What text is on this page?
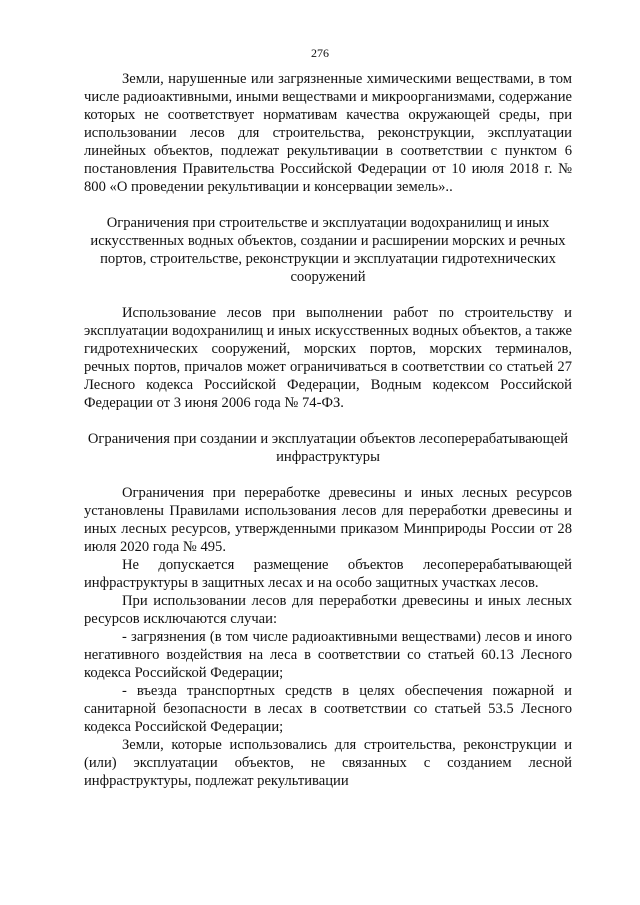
276

Земли, нарушенные или загрязненные химическими веществами, в том числе радиоактивными, иными веществами и микроорганизмами, содержание которых не соответствует нормативам качества окружающей среды, при использовании лесов для строительства, реконструкции, эксплуатации линейных объектов, подлежат рекультивации в соответствии с пунктом 6 постановления Правительства Российской Федерации от 10 июля 2018 г. № 800 «О проведении рекультивации и консервации земель»..

Ограничения при строительстве и эксплуатации водохранилищ и иных искусственных водных объектов, создании и расширении морских и речных портов, строительстве, реконструкции и эксплуатации гидротехнических сооружений

Использование лесов при выполнении работ по строительству и эксплуатации водохранилищ и иных искусственных водных объектов, а также гидротехнических сооружений, морских портов, морских терминалов, речных портов, причалов может ограничиваться в соответствии со статьей 27 Лесного кодекса Российской Федерации, Водным кодексом Российской Федерации от 3 июня 2006 года № 74-ФЗ.

Ограничения при создании и эксплуатации объектов лесоперерабатывающей инфраструктуры

Ограничения при переработке древесины и иных лесных ресурсов установлены Правилами использования лесов для переработки древесины и иных лесных ресурсов, утвержденными приказом Минприроды России от 28 июля 2020 года № 495.

Не допускается размещение объектов лесоперерабатывающей инфраструктуры в защитных лесах и на особо защитных участках лесов.

При использовании лесов для переработки древесины и иных лесных ресурсов исключаются случаи:

- загрязнения (в том числе радиоактивными веществами) лесов и иного негативного воздействия на леса в соответствии со статьей 60.13 Лесного кодекса Российской Федерации;

- въезда транспортных средств в целях обеспечения пожарной и санитарной безопасности в лесах в соответствии со статьей 53.5 Лесного кодекса Российской Федерации;

Земли, которые использовались для строительства, реконструкции и (или) эксплуатации объектов, не связанных с созданием лесной инфраструктуры, подлежат рекультивации
